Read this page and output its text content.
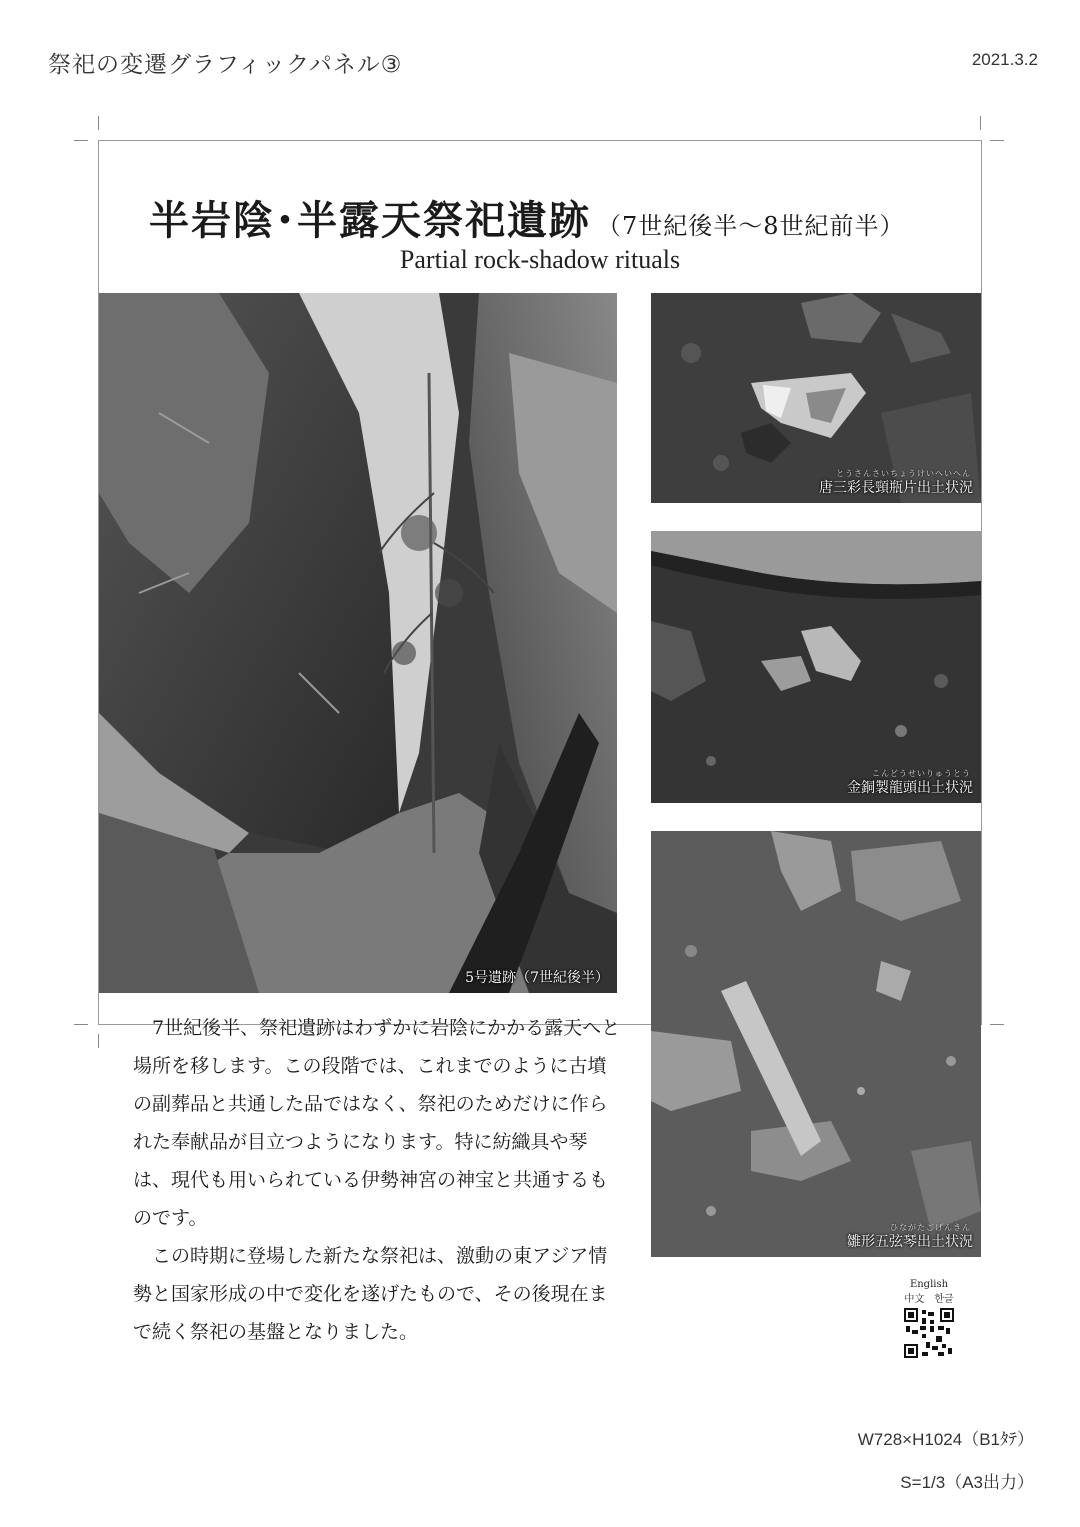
祭祀の変遷グラフィックパネル③	2021.3.2
半岩陰･半露天祭祀遺跡 （7世紀後半〜8世紀前半）
Partial rock-shadow rituals
5号遺跡（7世紀後半）
とうさんさいちょうけいへいへん
唐三彩長頸瓶片出土状況
こんどうせいりゅうとう
金銅製龍頭出土状況
ひながたごげんきん
雛形五弦琴出土状況

7世紀後半、祭祀遺跡はわずかに岩陰にかかる露天へと場所を移します。この段階では、これまでのように古墳の副葬品と共通した品ではなく、祭祀のためだけに作られた奉献品が目立つようになります。特に紡織具や琴は、現代も用いられている伊勢神宮の神宝と共通するものです。

この時期に登場した新たな祭祀は、激動の東アジア情勢と国家形成の中で変化を遂げたもので、その後現在まで続く祭祀の基盤となりました。

English
中文　한글
W728×H1024（B1ﾀﾃ）
S=1/3（A3出力）
